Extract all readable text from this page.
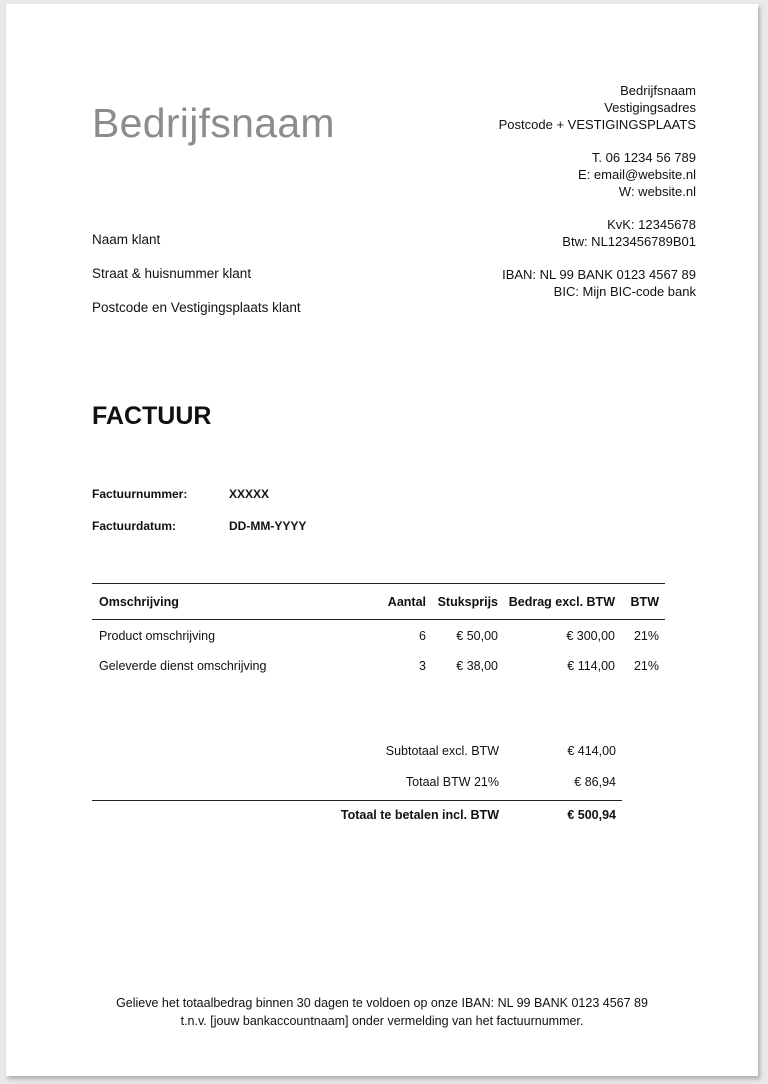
Bedrijfsnaam
Bedrijfsnaam
Vestigingsadres
Postcode + VESTIGINGSPLAATS
T. 06 1234 56 789
E: email@website.nl
W: website.nl
KvK: 12345678
Btw: NL123456789B01
IBAN: NL 99 BANK 0123 4567 89
BIC: Mijn BIC-code bank
Naam klant
Straat & huisnummer klant
Postcode en Vestigingsplaats klant
FACTUUR
Factuurnummer:	XXXXX
Factuurdatum:	DD-MM-YYYY
Omschrijving	Aantal Stuksprijs Bedrag excl. BTW BTW
Product omschrijving	6 € 50,00	€ 300,00 21%
Geleverde dienst omschrijving	3 € 38,00	€ 114,00 21%
Subtotaal excl. BTW	€ 414,00
Totaal BTW 21%	€ 86,94
Totaal te betalen incl. BTW	€ 500,94
Gelieve het totaalbedrag binnen 30 dagen te voldoen op onze IBAN: NL 99 BANK 0123 4567 89
t.n.v. [jouw bankaccountnaam] onder vermelding van het factuurnummer.
